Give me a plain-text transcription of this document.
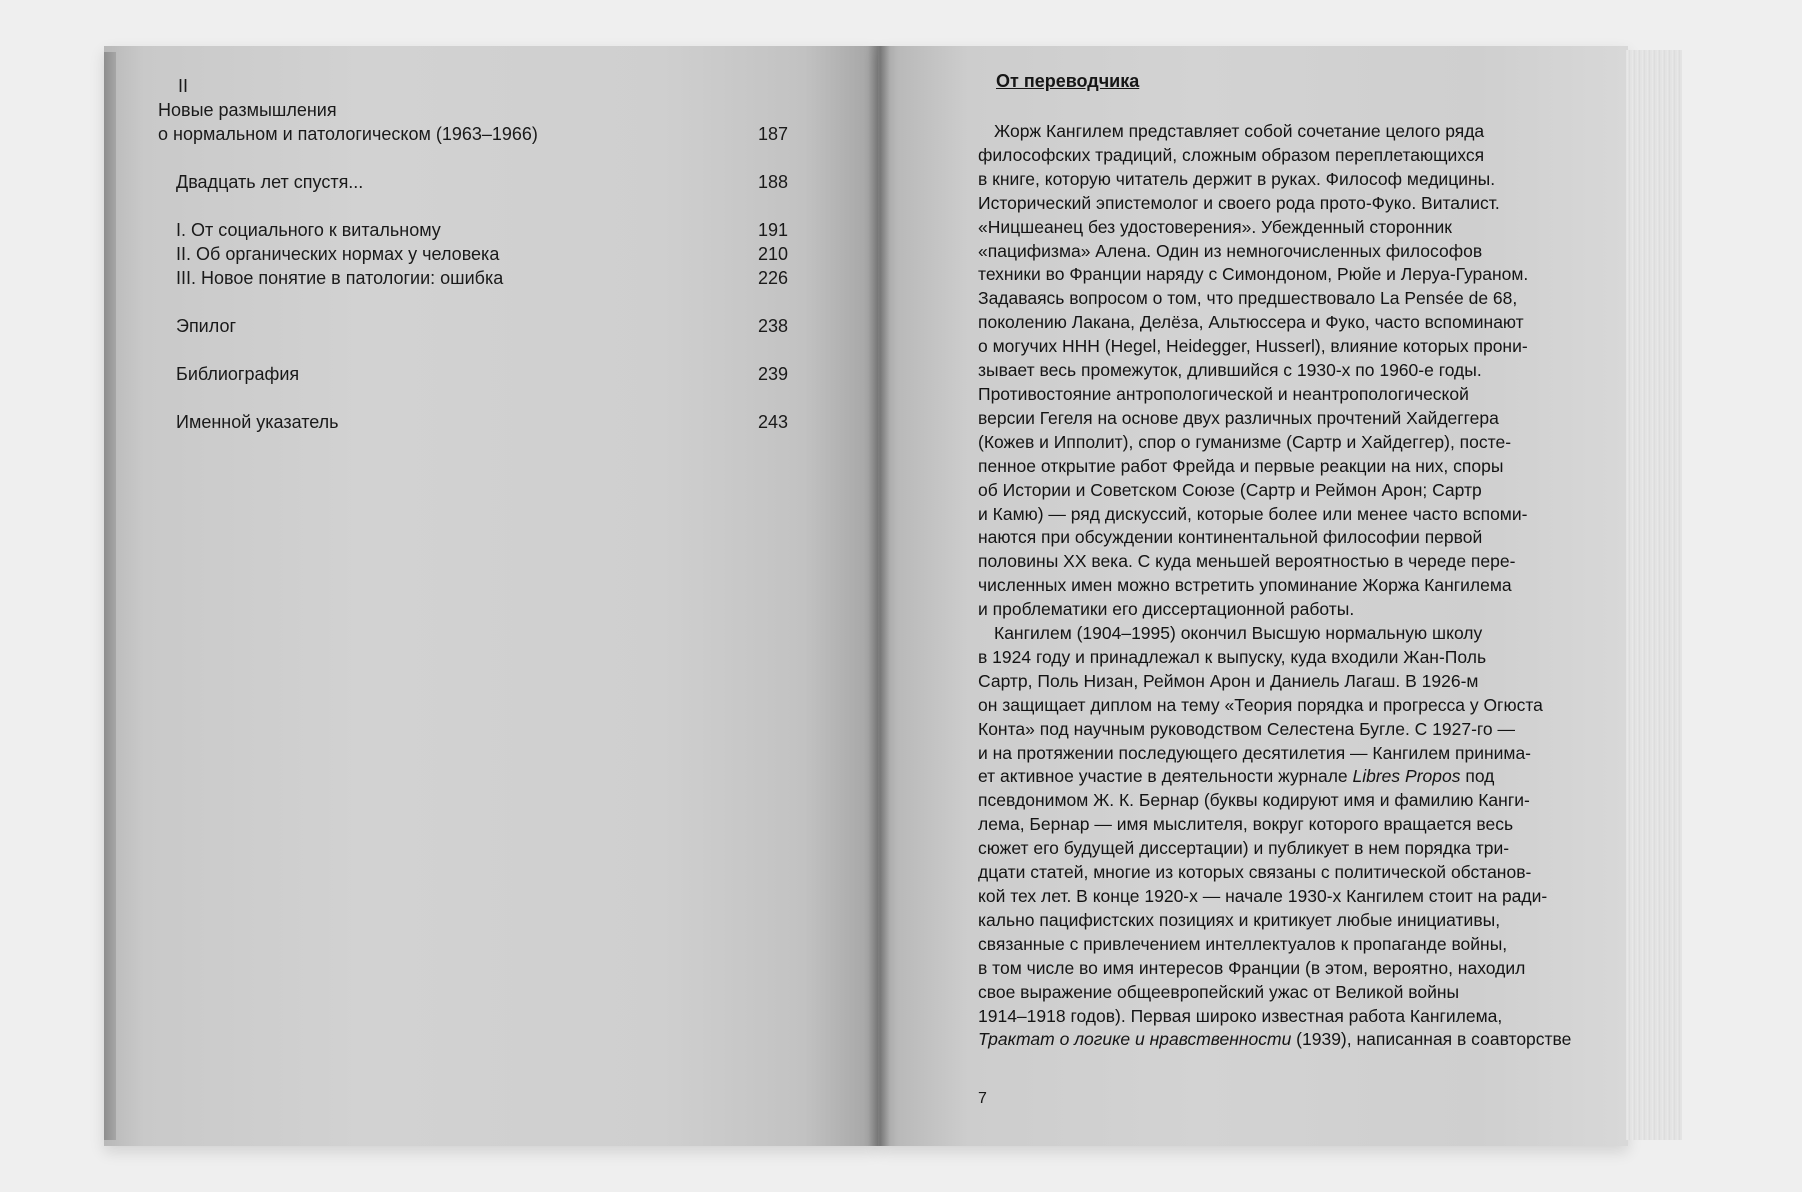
II
Новые размышления
о нормальном и патологическом (1963–1966)	187
Двадцать лет спустя...	188
I. От социального к витальному	191
II. Об органических нормах у человека	210
III. Новое понятие в патологии: ошибка	226
Эпилог	238
Библиография	239
Именной указатель	243
От переводчика
Жорж Кангилем представляет собой сочетание целого ряда
философских традиций, сложным образом переплетающихся
в книге, которую читатель держит в руках. Философ медицины.
Исторический эпистемолог и своего рода прото-Фуко. Виталист.
«Ницшеанец без удостоверения». Убежденный сторонник
«пацифизма» Алена. Один из немногочисленных философов
техники во Франции наряду с Симондоном, Рюйе и Леруа-Гураном.
Задаваясь вопросом о том, что предшествовало La Pensée de 68,
поколению Лакана, Делёза, Альтюссера и Фуко, часто вспоминают
о могучих HHH (Hegel, Heidegger, Husserl), влияние которых прони-
зывает весь промежуток, длившийся с 1930-х по 1960-е годы.
Противостояние антропологической и неантропологической
версии Гегеля на основе двух различных прочтений Хайдеггера
(Кожев и Ипполит), спор о гуманизме (Сартр и Хайдеггер), посте-
пенное открытие работ Фрейда и первые реакции на них, споры
об Истории и Советском Союзе (Сартр и Реймон Арон; Сартр
и Камю) — ряд дискуссий, которые более или менее часто вспоми-
наются при обсуждении континентальной философии первой
половины XX века. С куда меньшей вероятностью в череде пере-
численных имен можно встретить упоминание Жоржа Кангилема
и проблематики его диссертационной работы.
Кангилем (1904–1995) окончил Высшую нормальную школу
в 1924 году и принадлежал к выпуску, куда входили Жан-Поль
Сартр, Поль Низан, Реймон Арон и Даниель Лагаш. В 1926-м
он защищает диплом на тему «Теория порядка и прогресса у Огюста
Конта» под научным руководством Селестена Бугле. С 1927-го —
и на протяжении последующего десятилетия — Кангилем принима-
ет активное участие в деятельности журнале Libres Propos под
псевдонимом Ж. К. Бернар (буквы кодируют имя и фамилию Канги-
лема, Бернар — имя мыслителя, вокруг которого вращается весь
сюжет его будущей диссертации) и публикует в нем порядка три-
дцати статей, многие из которых связаны с политической обстанов-
кой тех лет. В конце 1920-х — начале 1930-х Кангилем стоит на ради-
кально пацифистских позициях и критикует любые инициативы,
связанные с привлечением интеллектуалов к пропаганде войны,
в том числе во имя интересов Франции (в этом, вероятно, находил
свое выражение общеевропейский ужас от Великой войны
1914–1918 годов). Первая широко известная работа Кангилема,
Трактат о логике и нравственности (1939), написанная в соавторстве
7
